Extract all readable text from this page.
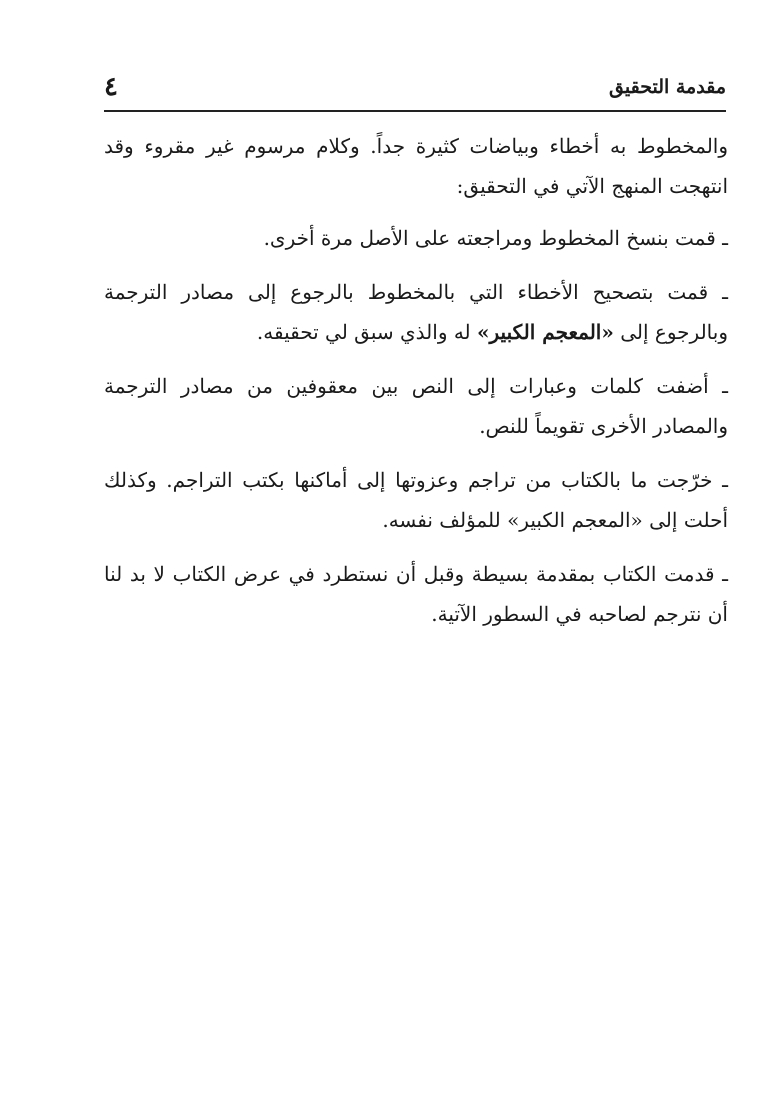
مقدمة التحقيق
٤

والمخطوط به أخطاء وبياضات كثيرة جداً. وكلام مرسوم غير مقروء وقد انتهجت المنهج الآتي في التحقيق:

ـ قمت بنسخ المخطوط ومراجعته على الأصل مرة أخرى.

ـ قمت بتصحيح الأخطاء التي بالمخطوط بالرجوع إلى مصادر الترجمة وبالرجوع إلى «المعجم الكبير» له والذي سبق لي تحقيقه.

ـ أضفت كلمات وعبارات إلى النص بين معقوفين من مصادر الترجمة والمصادر الأخرى تقويماً للنص.

ـ خرّجت ما بالكتاب من تراجم وعزوتها إلى أماكنها بكتب التراجم. وكذلك أحلت إلى «المعجم الكبير» للمؤلف نفسه.

ـ قدمت الكتاب بمقدمة بسيطة وقبل أن نستطرد في عرض الكتاب لا بد لنا أن نترجم لصاحبه في السطور الآتية.
